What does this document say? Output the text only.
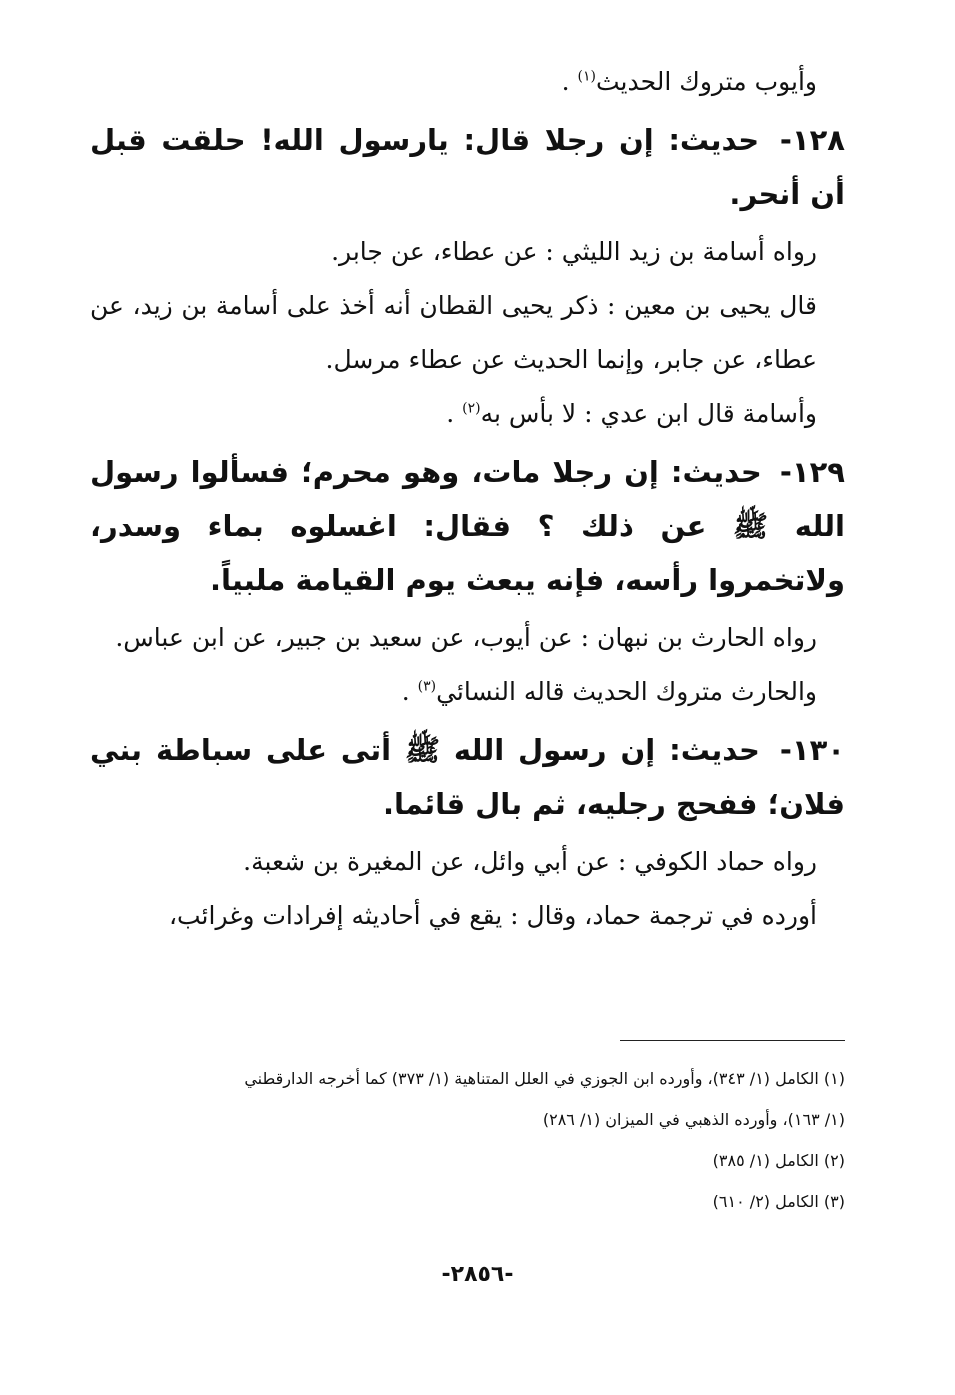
وأيوب متروك الحديث$^{(١)}$ .

١٢٨- حديث: إن رجلا قال: يارسول الله! حلقت قبل أن أنحر.

رواه أسامة بن زيد الليثي : عن عطاء، عن جابر.

قال يحيى بن معين : ذكر يحيى القطان أنه أخذ على أسامة بن زيد، عن عطاء، عن جابر، وإنما الحديث عن عطاء مرسل.

وأسامة قال ابن عدي : لا بأس به$^{(٢)}$ .

١٢٩- حديث: إن رجلا مات، وهو محرم؛ فسألوا رسول الله ﷺ عن ذلك ؟ فقال: اغسلوه بماء وسدر، ولاتخمروا رأسه، فإنه يبعث يوم القيامة ملبياً.

رواه الحارث بن نبهان : عن أيوب، عن سعيد بن جبير، عن ابن عباس.

والحارث متروك الحديث قاله النسائي$^{(٣)}$ .

١٣٠- حديث: إن رسول الله ﷺ أتى على سباطة بني فلان؛ ففحج رجليه، ثم بال قائما.

رواه حماد الكوفي : عن أبي وائل، عن المغيرة بن شعبة.

أورده في ترجمة حماد، وقال : يقع في أحاديثه إفرادات وغرائب،

(١) الكامل (١/ ٣٤٣)، وأورده ابن الجوزي في العلل المتناهية (١/ ٣٧٣) كما أخرجه الدارقطني

(١/ ١٦٣)، وأورده الذهبي في الميزان (١/ ٢٨٦)

(٢) الكامل (١/ ٣٨٥)

(٣) الكامل (٢/ ٦١٠)

-٢٨٥٦-
